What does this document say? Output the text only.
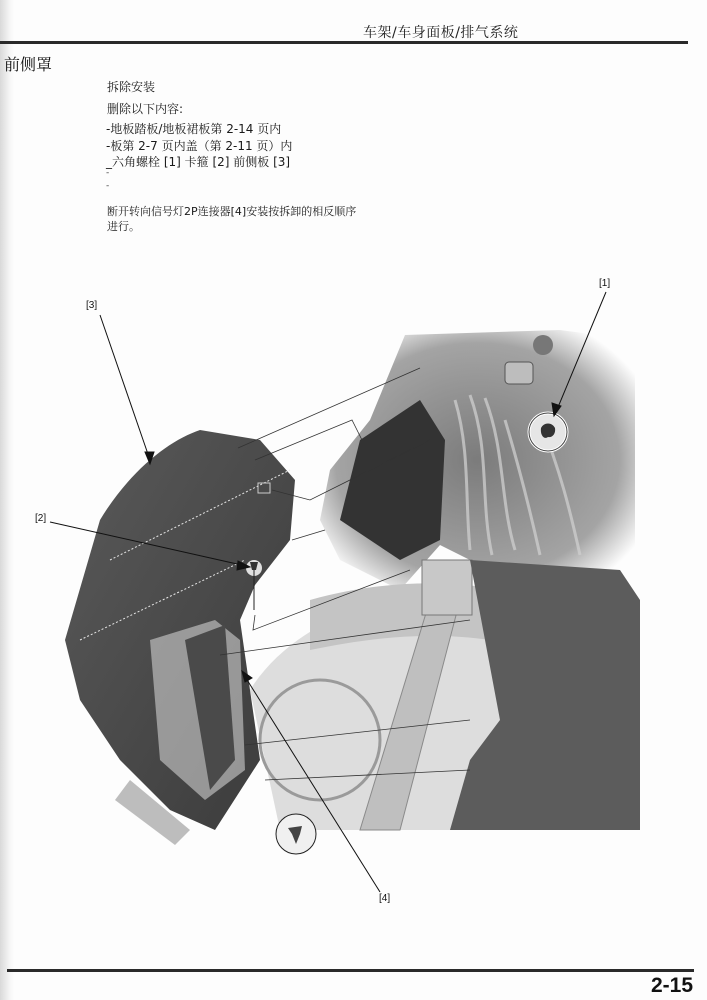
车架/车身面板/排气系统
前侧罩
拆除安装
删除以下内容:
-地板踏板/地板裙板第 2-14 页内
-板第 2-7 页内盖（第 2-11 页）内
_六角螺栓 [1] 卡箍 [2] 前侧板 [3]
-
-
断开转向信号灯2P连接器[4]安装按拆卸的相反顺序
进行。
[1]
[3]
[2]
[4]
2-15
